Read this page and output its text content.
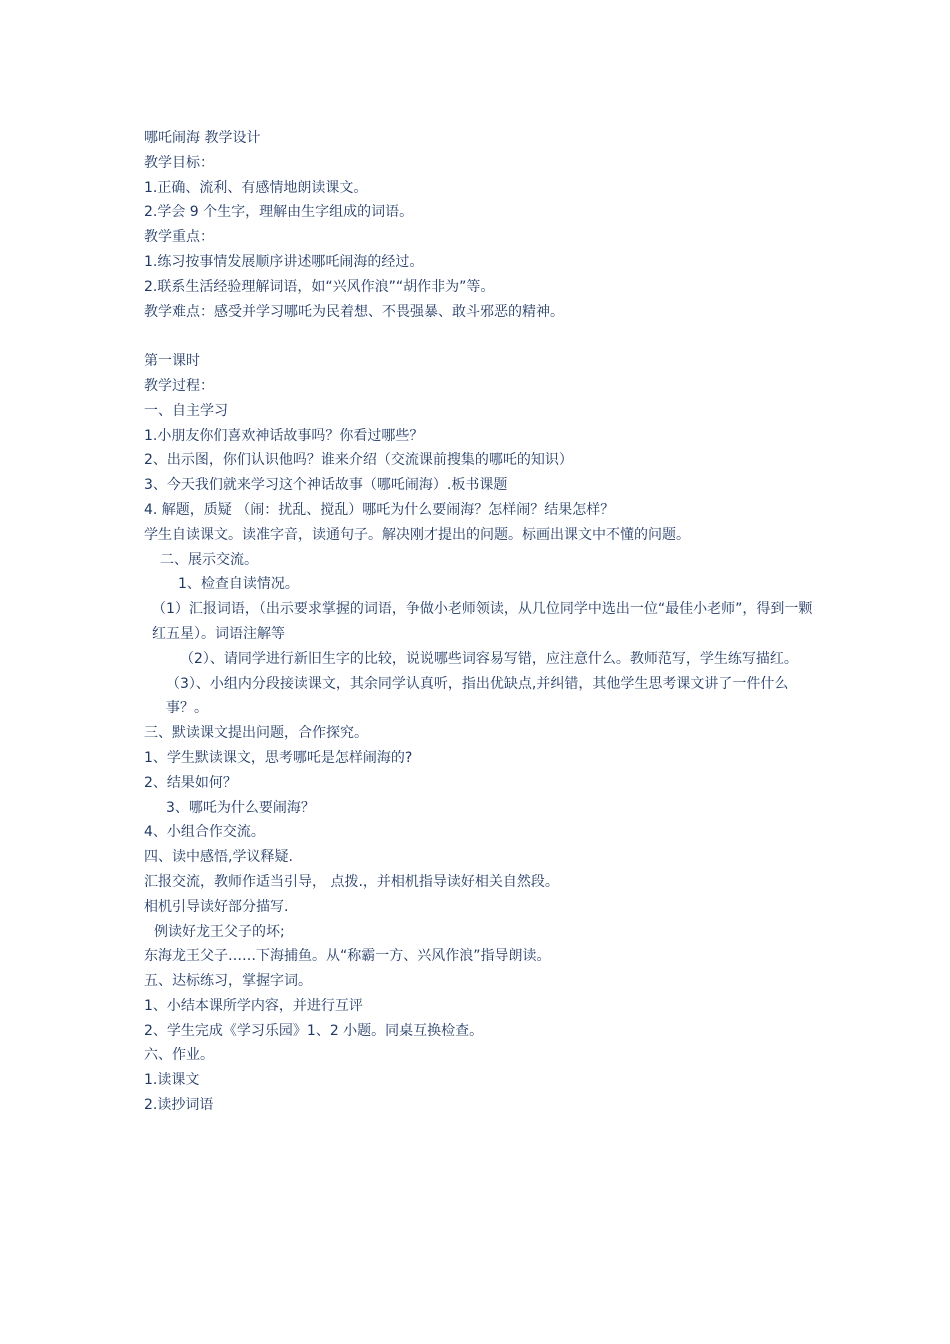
哪吒闹海 教学设计

教学目标：

1.正确、流利、有感情地朗读课文。

2.学会 9 个生字，理解由生字组成的词语。

教学重点：

1.练习按事情发展顺序讲述哪吒闹海的经过。

2.联系生活经验理解词语，如“兴风作浪”“胡作非为”等。

教学难点：感受并学习哪吒为民着想、不畏强暴、敢斗邪恶的精神。

第一课时

教学过程：

一、自主学习

1.小朋友你们喜欢神话故事吗？你看过哪些？

2、出示图，你们认识他吗？谁来介绍（交流课前搜集的哪吒的知识）

3、今天我们就来学习这个神话故事（哪吒闹海）.板书课题

4. 解题，质疑 （闹：扰乱、搅乱）哪吒为什么要闹海？怎样闹？结果怎样？

学生自读课文。读准字音，读通句子。解决刚才提出的问题。标画出课文中不懂的问题。

二、展示交流。

1、检查自读情况。

（1）汇报词语，（出示要求掌握的词语，争做小老师领读，从几位同学中选出一位“最佳小老师”，得到一颗红五星）。词语注解等

（2）、请同学进行新旧生字的比较，说说哪些词容易写错，应注意什么。教师范写，学生练写描红。

（3）、小组内分段接读课文，其余同学认真听，指出优缺点,并纠错，其他学生思考课文讲了一件什么事？。

三、默读课文提出问题，合作探究。

1、学生默读课文，思考哪吒是怎样闹海的?

2、结果如何？

3、哪吒为什么要闹海？

4、小组合作交流。

四、读中感悟,学议释疑.

汇报交流，教师作适当引导， 点拨.，并相机指导读好相关自然段。

相机引导读好部分描写.

例读好龙王父子的坏;

东海龙王父子……下海捕鱼。从“称霸一方、兴风作浪”指导朗读。

五、达标练习，掌握字词。

1、小结本课所学内容，并进行互评

2、学生完成《学习乐园》1、2 小题。同桌互换检查。

六、作业。

1.读课文

2.读抄词语
